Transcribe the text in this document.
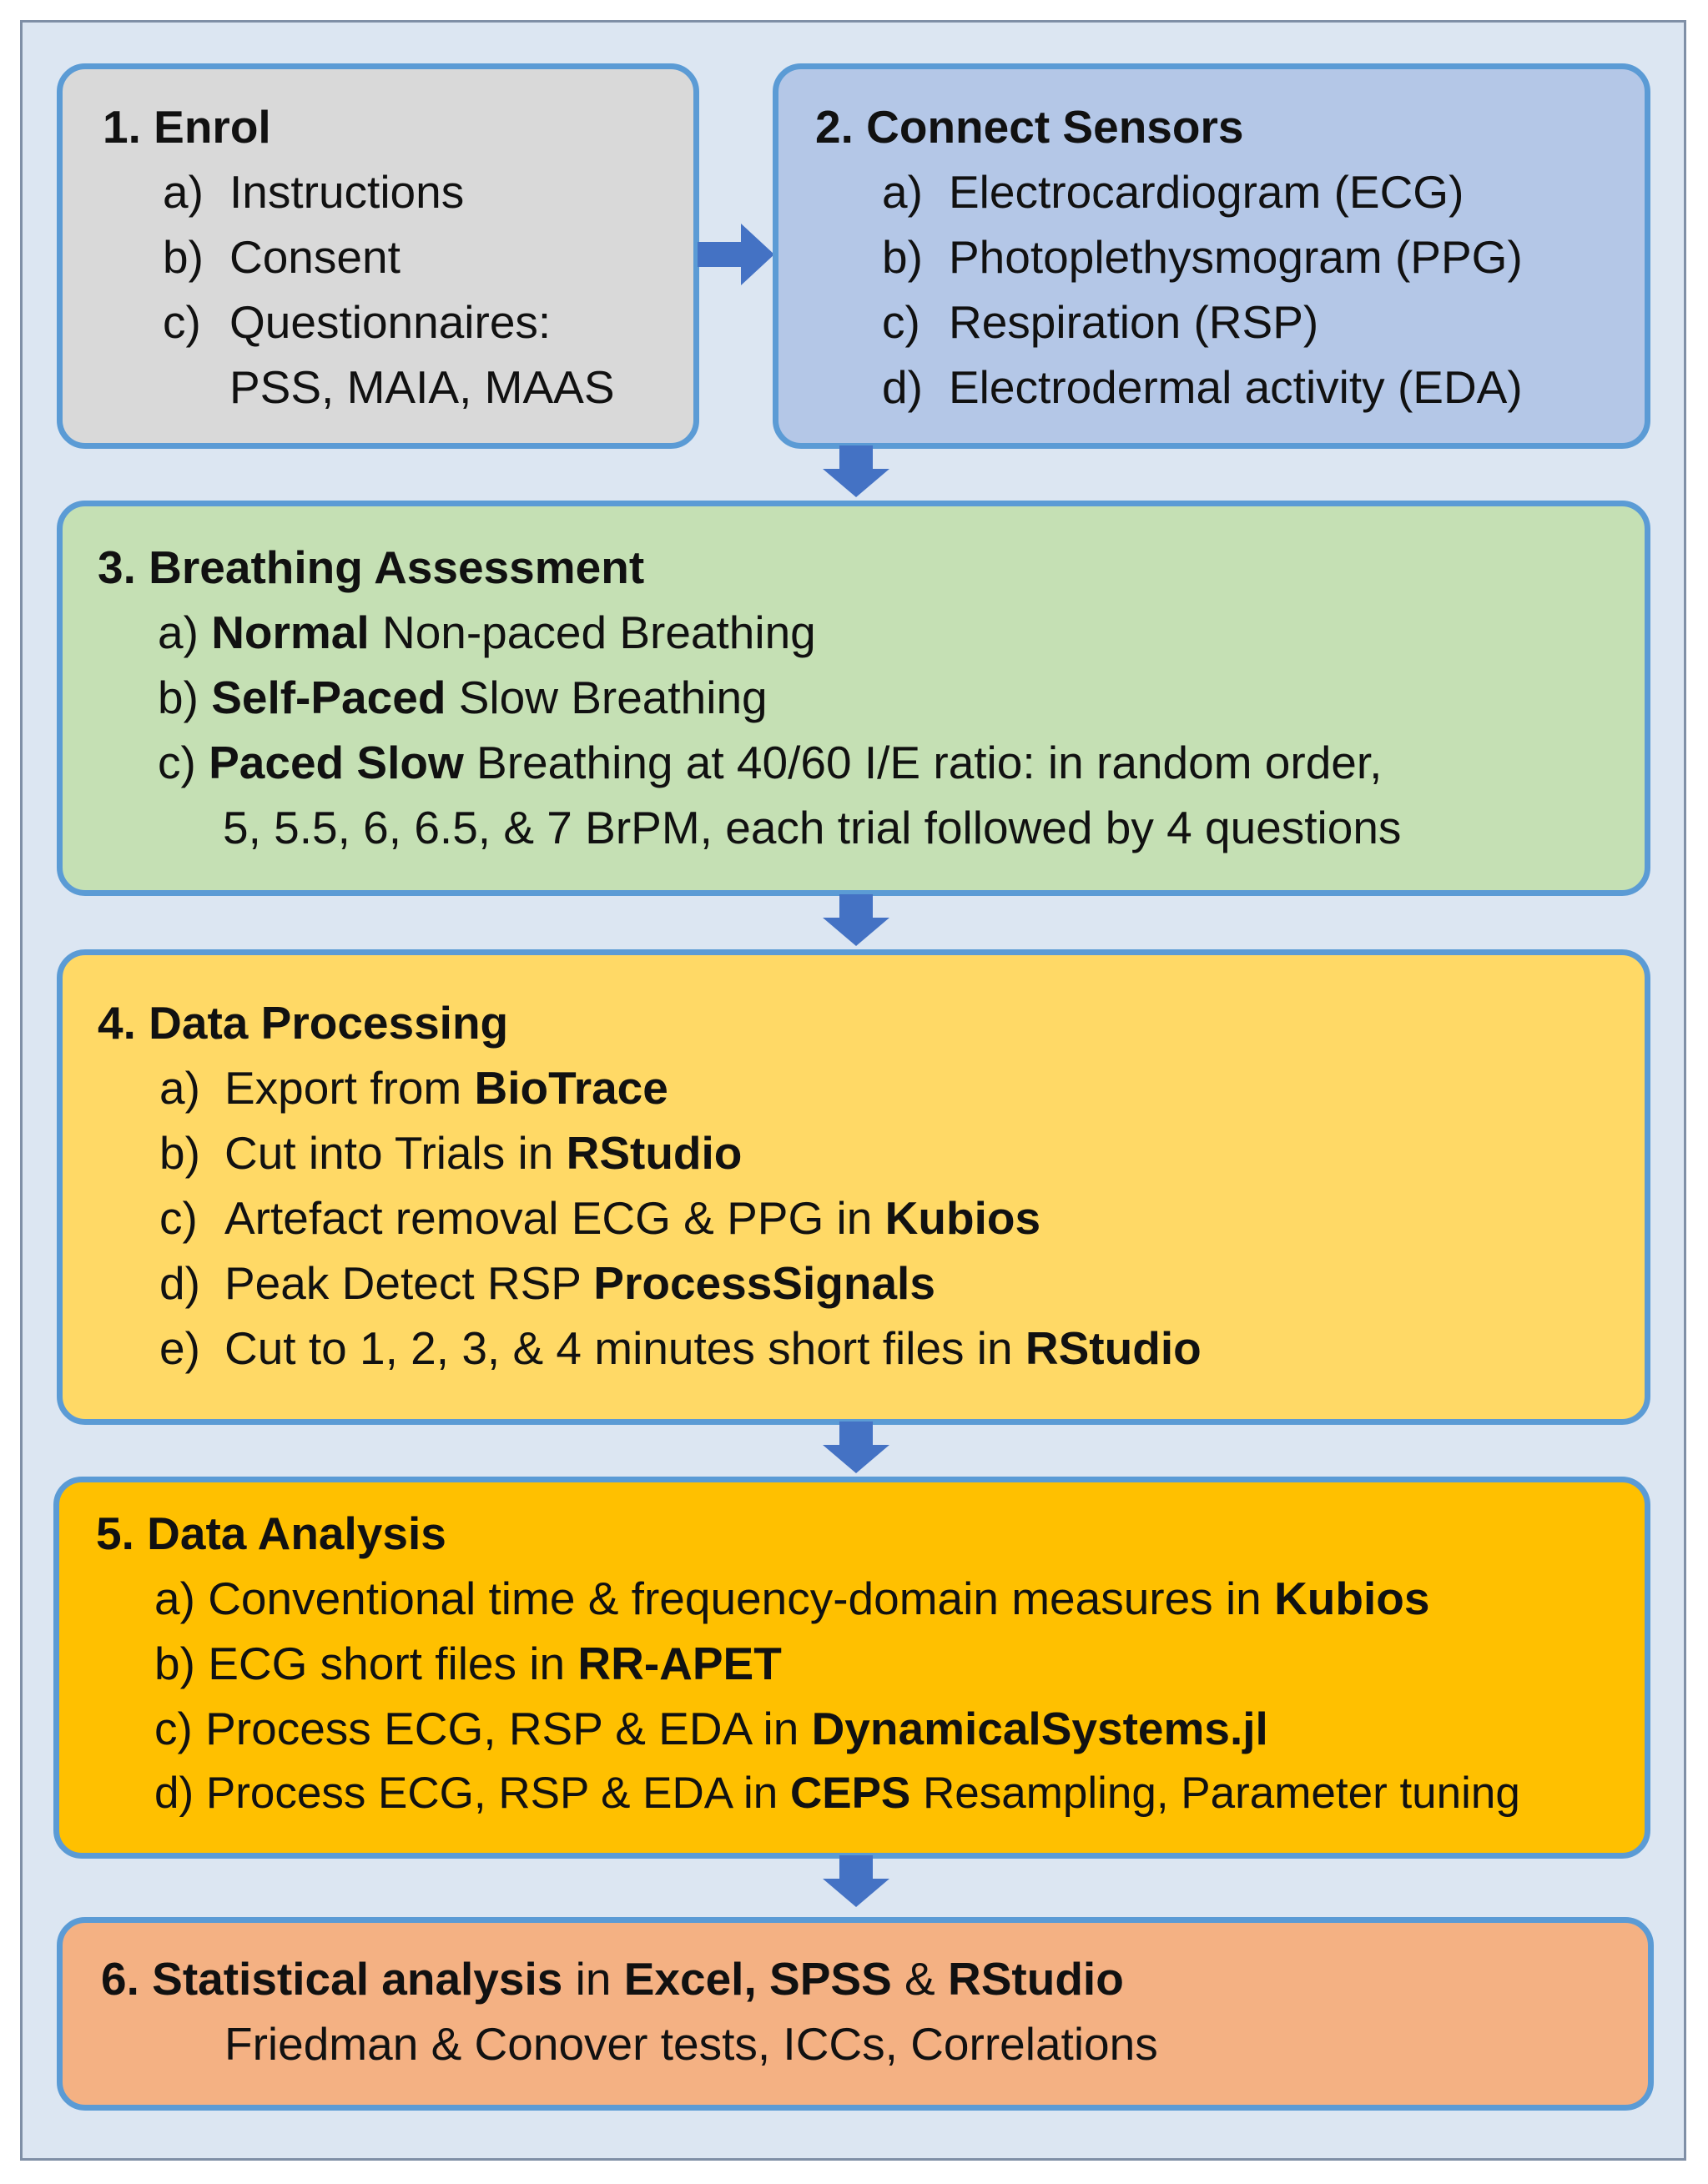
1. Enrol
a) Instructions
b) Consent
c) Questionnaires:
PSS, MAIA, MAAS
2. Connect Sensors
a) Electrocardiogram (ECG)
b) Photoplethysmogram (PPG)
c) Respiration (RSP)
d) Electrodermal activity (EDA)
3. Breathing Assessment
a) Normal Non-paced Breathing
b) Self-Paced Slow Breathing
c) Paced Slow Breathing at 40/60 I/E ratio: in random order,
5, 5.5, 6, 6.5, & 7 BrPM, each trial followed by 4 questions
4. Data Processing
a) Export from BioTrace
b) Cut into Trials in RStudio
c) Artefact removal ECG & PPG in Kubios
d) Peak Detect RSP ProcessSignals
e) Cut to 1, 2, 3, & 4 minutes short files in RStudio
5. Data Analysis
a) Conventional time & frequency-domain measures in Kubios
b) ECG short files in RR-APET
c) Process ECG, RSP & EDA in DynamicalSystems.jl
d) Process ECG, RSP & EDA in CEPS Resampling, Parameter tuning
6. Statistical analysis in Excel, SPSS & RStudio
Friedman & Conover tests, ICCs, Correlations
